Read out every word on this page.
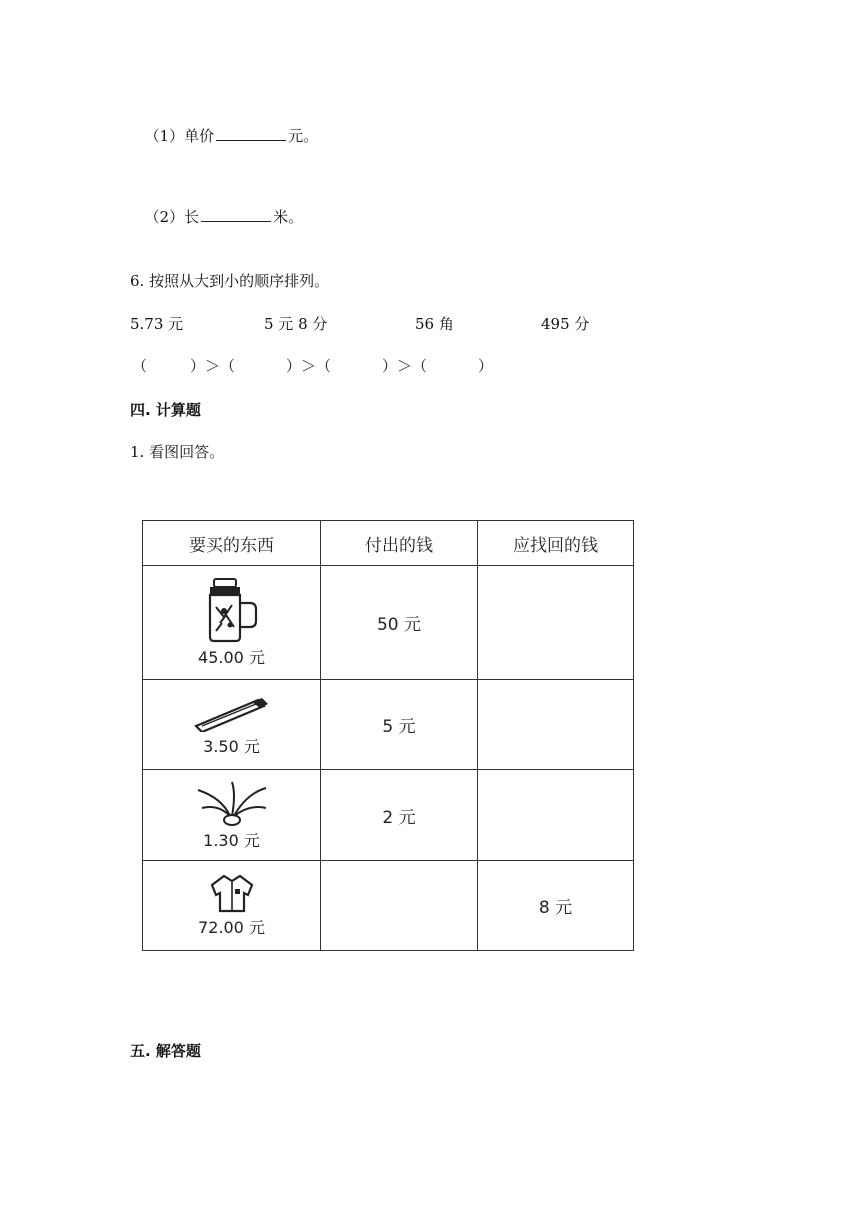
（1）单价	元。

（2）长	米。

6. 按照从大到小的顺序排列。
5.73 元	5 元 8 分	56 角	495 分
（	）＞（	）＞（	）＞（	）
四. 计算题
1. 看图回答。
要买的东西	付出的钱	应找回的钱

45.00 元	50 元	

3.50 元	5 元	

1.30 元	2 元	

72.00 元		8 元
五. 解答题
